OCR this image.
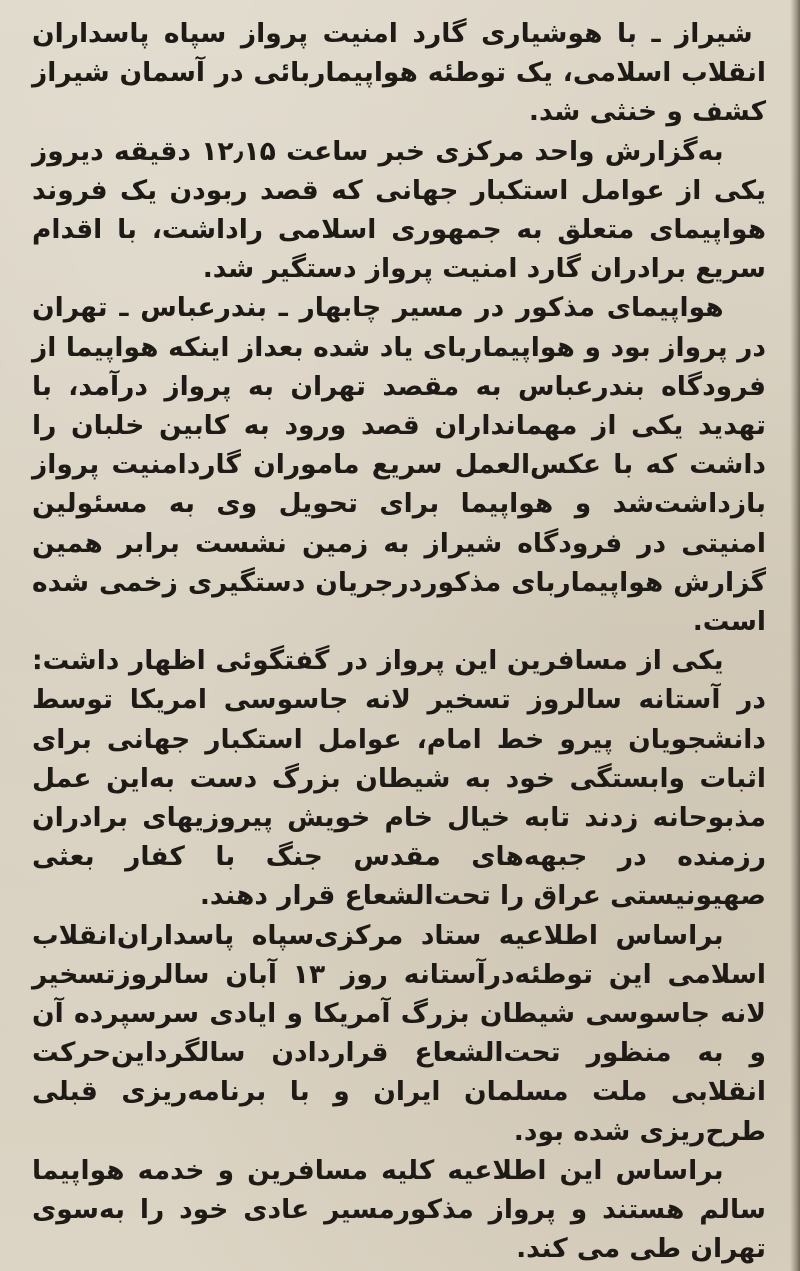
شیراز ـ با هوشیاری گارد امنیت پرواز سپاه پاسداران انقلاب اسلامی، یک توطئه هواپیماربائی در آسمان شیراز کشف و خنثی شد.

به‌گزارش واحد مرکزی خبر ساعت ۱۲٫۱۵ دقیقه دیروز یکی از عوامل استکبار جهانی که قصد ربودن یک فروند هواپیمای متعلق به جمهوری اسلامی راداشت، با اقدام سریع برادران گارد امنیت پرواز دستگیر شد.

هواپیمای مذکور در مسیر چابهار ـ بندرعباس ـ تهران در پرواز بود و هواپیماربای یاد شده بعداز اینکه هواپیما از فرودگاه بندرعباس به مقصد تهران به پرواز درآمد، با تهدید یکی از مهمانداران قصد ورود به کابین خلبان را داشت که با عکس‌العمل سریع ماموران گاردامنیت پرواز بازداشت‌شد و هواپیما برای تحویل وی به مسئولین امنیتی در فرودگاه شیراز به زمین نشست برابر همین گزارش هواپیماربای مذکوردرجریان دستگیری زخمی شده است.

یکی از مسافرین این پرواز در گفتگوئی اظهار داشت: در آستانه سالروز تسخیر لانه جاسوسی امریکا توسط دانشجویان پیرو خط امام، عوامل استکبار جهانی برای اثبات وابستگی خود به شیطان بزرگ دست به‌این عمل مذبوحانه زدند تابه خیال خام خویش پیروزیهای برادران رزمنده در جبهه‌های مقدس جنگ با کفار بعثی صهیونیستی عراق را تحت‌الشعاع قرار دهند.

براساس اطلاعیه ستاد مرکزی‌سپاه پاسداران‌انقلاب اسلامی این توطئه‌درآستانه روز ۱۳ آبان سالروزتسخیر لانه جاسوسی شیطان بزرگ آمریکا و ایادی سرسپرده آن و به منظور تحت‌الشعاع قراردادن سالگرداین‌حرکت انقلابی ملت مسلمان ایران و با برنامه‌ریزی قبلی طرح‌ریزی شده بود.

براساس این اطلاعیه کلیه مسافرین و خدمه هواپیما سالم هستند و پرواز مذکورمسیر عادی خود را به‌سوی تهران طی می کند.
